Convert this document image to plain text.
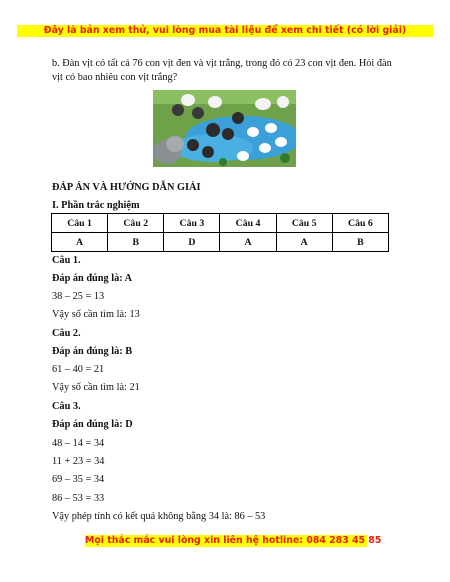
Đây là bản xem thử, vui lòng mua tài liệu để xem chi tiết (có lời giải)
b. Đàn vịt có tất cả 76 con vịt đen và vịt trắng, trong đó có 23 con vịt đen. Hỏi đàn
vịt có bao nhiêu con vịt trắng?
ĐÁP ÁN VÀ HƯỚNG DẪN GIẢI
I. Phần trắc nghiệm
Câu 1	Câu 2	Câu 3	Câu 4	Câu 5	Câu 6
A	B	D	A	A	B
Câu 1.
Đáp án đúng là: A
38 – 25 = 13
Vậy số cần tìm là: 13
Câu 2.
Đáp án đúng là: B
61 – 40 = 21
Vậy số cần tìm là: 21
Câu 3.
Đáp án đúng là: D
48 – 14 = 34
11 + 23 = 34
69 – 35 = 34
86 – 53 = 33
Vậy phép tính có kết quả không bằng 34 là: 86 – 53
Mọi thắc mắc vui lòng xin liên hệ hotline: 084 283 45 85
